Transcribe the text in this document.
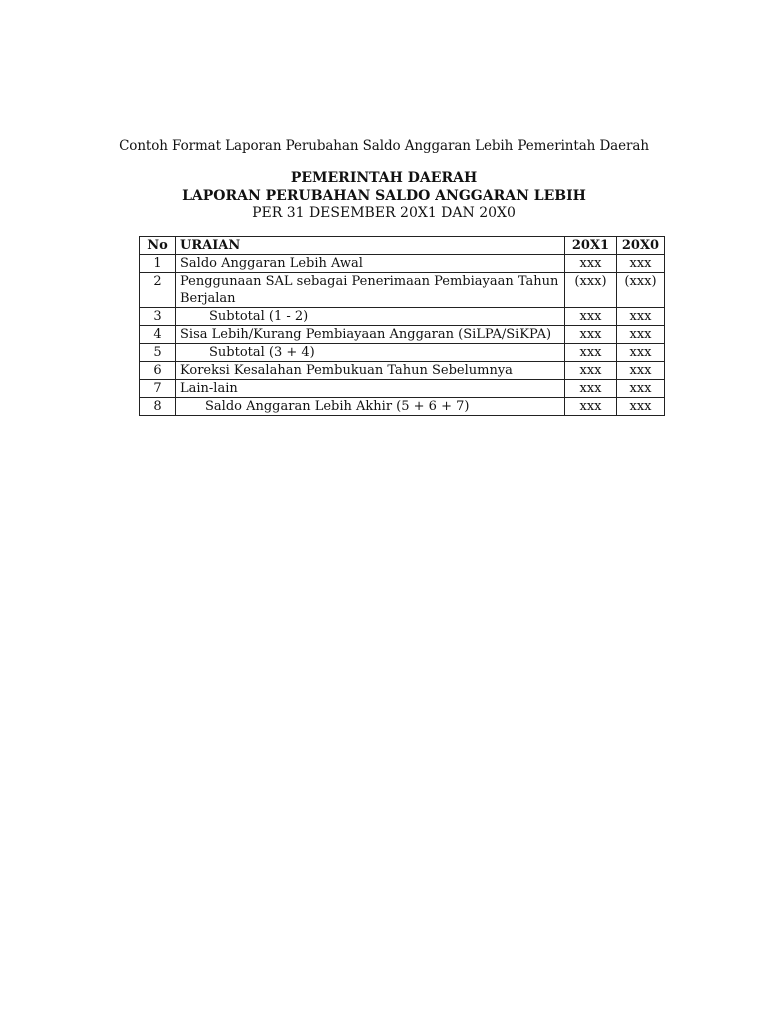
Contoh Format Laporan Perubahan Saldo Anggaran Lebih Pemerintah Daerah
PEMERINTAH DAERAH
LAPORAN PERUBAHAN SALDO ANGGARAN LEBIH
PER 31 DESEMBER 20X1 DAN 20X0
No	URAIAN	20X1	20X0
1	Saldo Anggaran Lebih Awal	xxx	xxx
2	Penggunaan SAL sebagai Penerimaan Pembiayaan Tahun Berjalan	(xxx)	(xxx)
3	Subtotal (1 - 2)	xxx	xxx
4	Sisa Lebih/Kurang Pembiayaan Anggaran (SiLPA/SiKPA)	xxx	xxx
5	Subtotal (3 + 4)	xxx	xxx
6	Koreksi Kesalahan Pembukuan Tahun Sebelumnya	xxx	xxx
7	Lain-lain	xxx	xxx
8	Saldo Anggaran Lebih Akhir (5 + 6 + 7)	xxx	xxx
